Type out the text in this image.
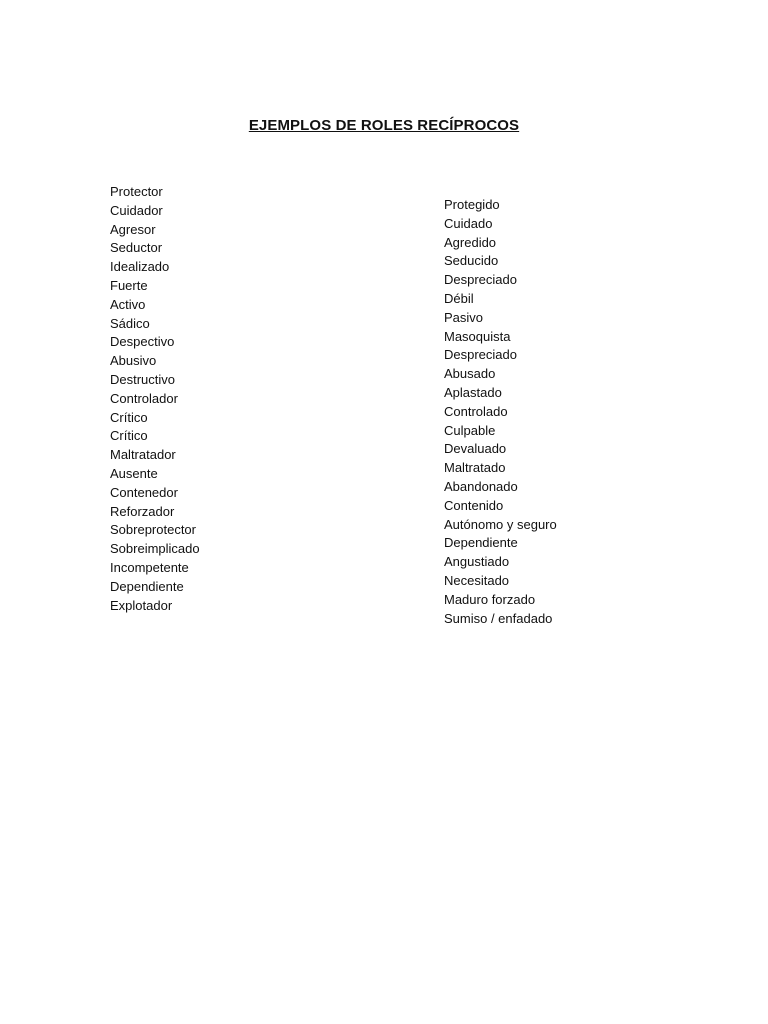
EJEMPLOS DE ROLES RECÍPROCOS
Protector
Cuidador
Agresor
Seductor
Idealizado
Fuerte
Activo
Sádico
Despectivo
Abusivo
Destructivo
Controlador
Crítico
Crítico
Maltratador
Ausente
Contenedor
Reforzador
Sobreprotector
Sobreimplicado
Incompetente
Dependiente
Explotador
Protegido
Cuidado
Agredido
Seducido
Despreciado
Débil
Pasivo
Masoquista
Despreciado
Abusado
Aplastado
Controlado
Culpable
Devaluado
Maltratado
Abandonado
Contenido
Autónomo y seguro
Dependiente
Angustiado
Necesitado
Maduro forzado
Sumiso / enfadado
